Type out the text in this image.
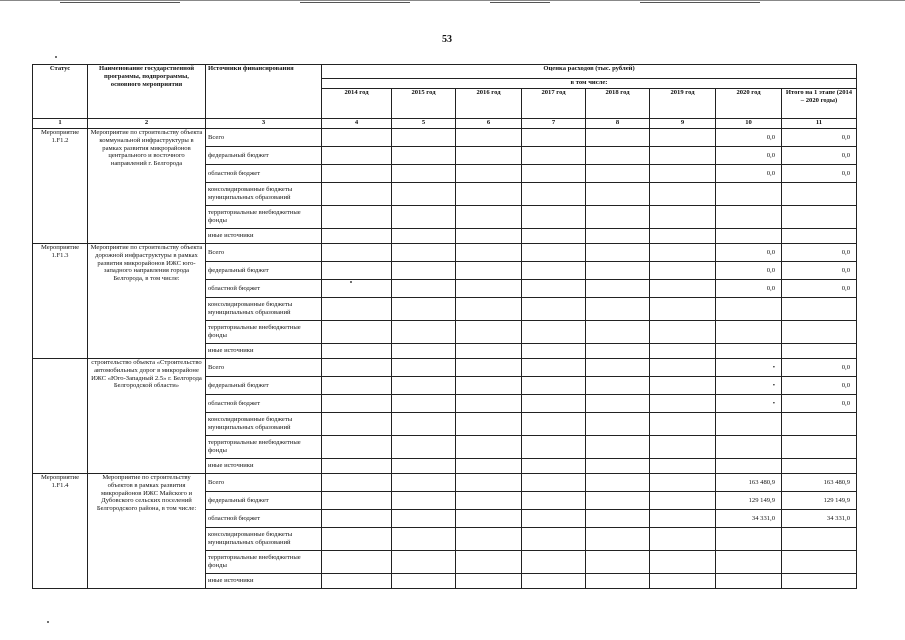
53
Статус	Наименование государственной программы, подпрограммы, основного мероприятия	Источники финансирования	Оценка расходов (тыс. рублей)							
			в том числе:							
			2014 год	2015 год	2016 год	2017 год	2018 год	2019 год	2020 год	Итого на 1 этапе (2014 – 2020 годы)
1	2	3	4	5	6	7	8	9	10	11
Мероприятие 1.F1.2	Мероприятие по строительству объекта коммунальной инфраструктуры в рамках развития микрорайонов центрального и восточного направлений г. Белгорода	Всего							0,0	0,0
		федеральный бюджет							0,0	0,0
		областной бюджет							0,0	0,0
		консолидированные бюджеты муниципальных образований								
		территориальные внебюджетные фонды								
		иные источники								
Мероприятие 1.F1.3	Мероприятие по строительству объекта дорожной инфраструктуры в рамках развития микрорайонов ИЖС юго-западного направления города Белгорода, в том числе:	Всего							0,0	0,0
		федеральный бюджет							0,0	0,0
		областной бюджет							0,0	0,0
		консолидированные бюджеты муниципальных образований								
		территориальные внебюджетные фонды								
		иные источники								
	строительство объекта «Строительство автомобильных дорог в микрорайоне ИЖС «Юго-Западный 2.5» г. Белгорода Белгородской области»	Всего							•	0,0
		федеральный бюджет							•	0,0
		областной бюджет							•	0,0
		консолидированные бюджеты муниципальных образований								
		территориальные внебюджетные фонды								
		иные источники								
Мероприятие 1.F1.4	Мероприятие по строительству объектов в рамках развития микрорайонов ИЖС Майского и Дубовского сельских поселений Белгородского района, в том числе:	Всего							163 480,9	163 480,9
		федеральный бюджет							129 149,9	129 149,9
		областной бюджет							34 331,0	34 331,0
		консолидированные бюджеты муниципальных образований								
		территориальные внебюджетные фонды								
		иные источники								
